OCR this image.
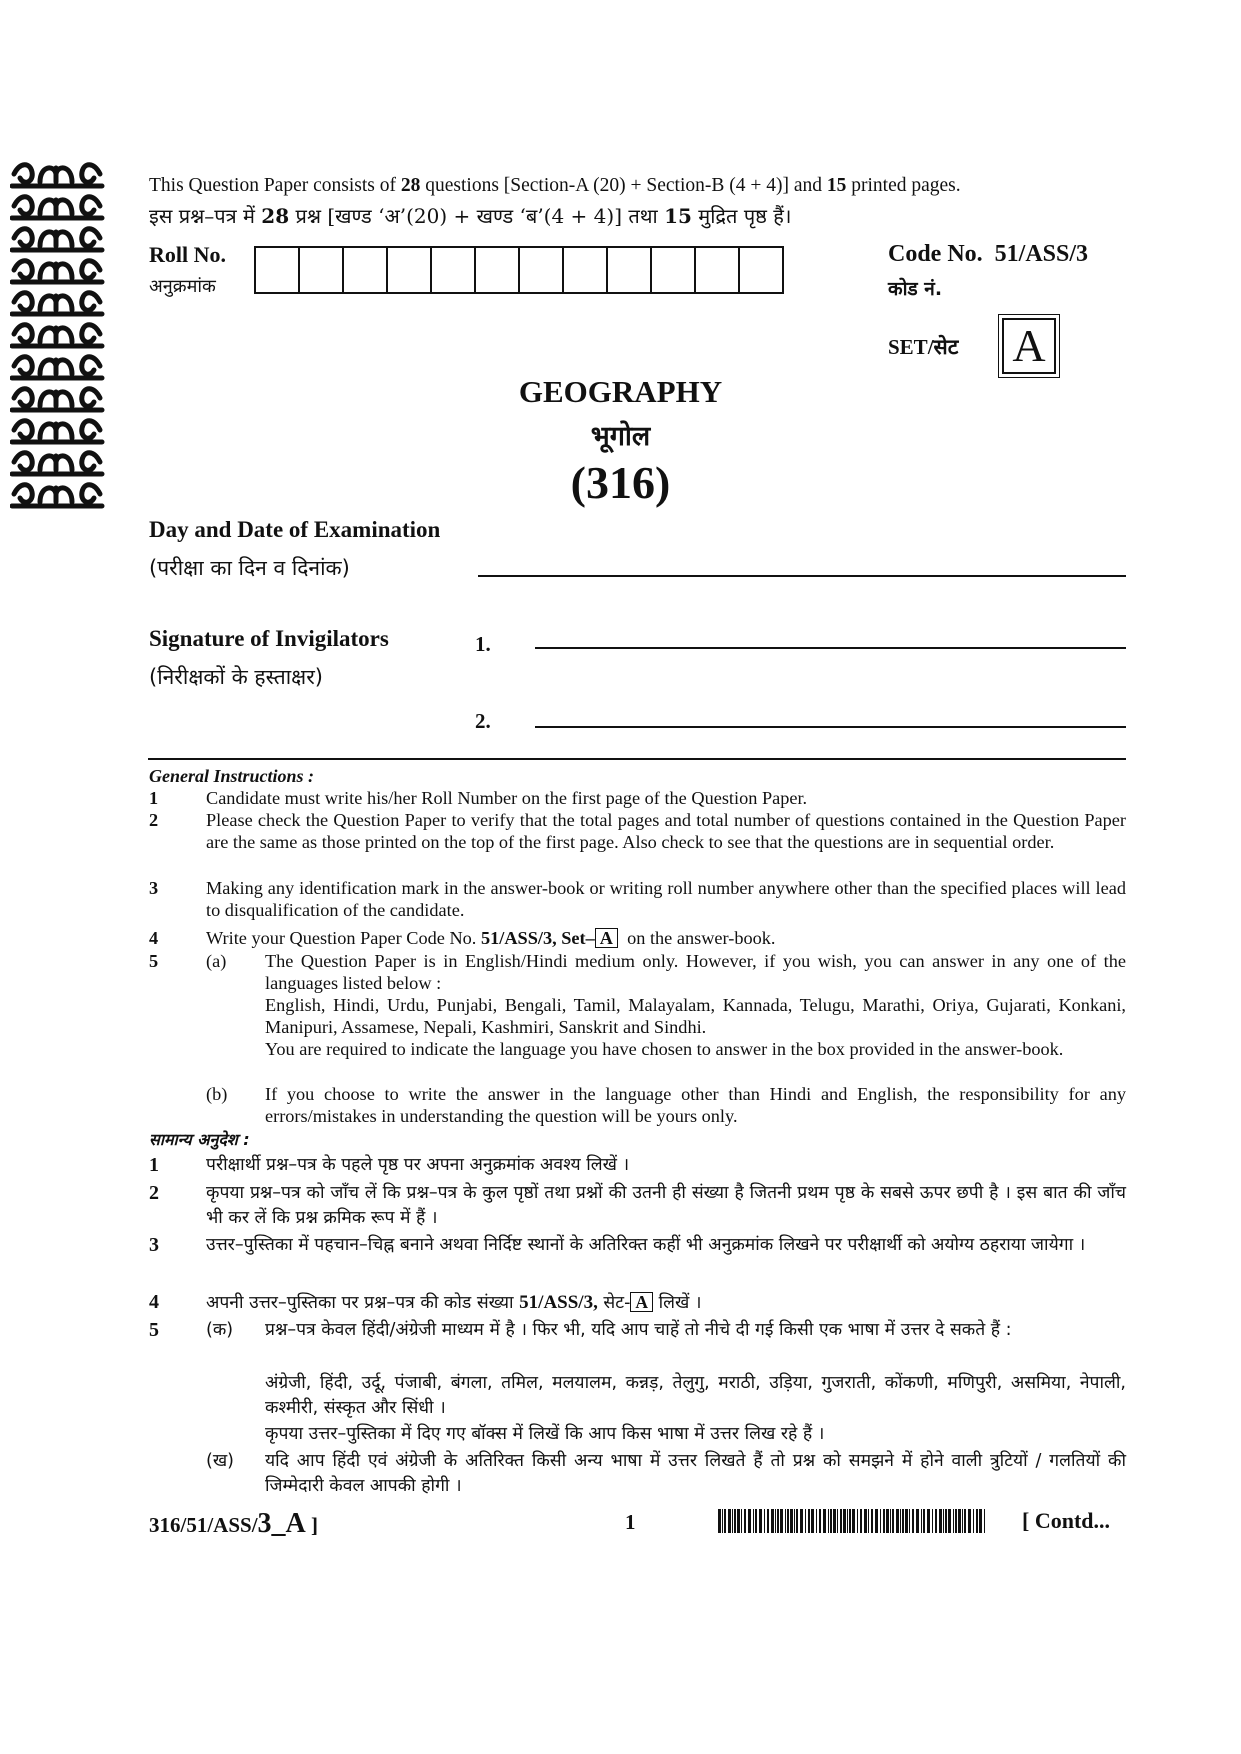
This Question Paper consists of 28 questions [Section-A (20) + Section-B (4 + 4)] and 15 printed pages.
इस प्रश्न–पत्र में 28 प्रश्न [खण्ड ‘अ’(20) + खण्ड ‘ब’(4 + 4)] तथा 15 मुद्रित पृष्ठ हैं।
Roll No.
अनुक्रमांक
Code No. 51/ASS/3
कोड नं.
SET/सेट A
GEOGRAPHY
भूगोल
(316)
Day and Date of Examination
(परीक्षा का दिन व दिनांक)
Signature of Invigilators
(निरीक्षकों के हस्ताक्षर)
1.
2.
General Instructions :
1	Candidate must write his/her Roll Number on the first page of the Question Paper.
2	Please check the Question Paper to verify that the total pages and total number of questions contained in the Question Paper are the same as those printed on the top of the first page. Also check to see that the questions are in sequential order.
3	Making any identification mark in the answer-book or writing roll number anywhere other than the specified places will lead to disqualification of the candidate.
4	Write your Question Paper Code No. 51/ASS/3, Set– A on the answer-book.
5	(a) The Question Paper is in English/Hindi medium only. However, if you wish, you can answer in any one of the languages listed below :
English, Hindi, Urdu, Punjabi, Bengali, Tamil, Malayalam, Kannada, Telugu, Marathi, Oriya, Gujarati, Konkani, Manipuri, Assamese, Nepali, Kashmiri, Sanskrit and Sindhi.
You are required to indicate the language you have chosen to answer in the box provided in the answer-book.
(b) If you choose to write the answer in the language other than Hindi and English, the responsibility for any errors/mistakes in understanding the question will be yours only.
सामान्य अनुदेश :
1	परीक्षार्थी प्रश्न–पत्र के पहले पृष्ठ पर अपना अनुक्रमांक अवश्य लिखें ।
2	कृपया प्रश्न–पत्र को जाँच लें कि प्रश्न–पत्र के कुल पृष्ठों तथा प्रश्नों की उतनी ही संख्या है जितनी प्रथम पृष्ठ के सबसे ऊपर छपी है । इस बात की जाँच भी कर लें कि प्रश्न क्रमिक रूप में हैं ।
3	उत्तर–पुस्तिका में पहचान–चिह्न बनाने अथवा निर्दिष्ट स्थानों के अतिरिक्त कहीं भी अनुक्रमांक लिखने पर परीक्षार्थी को अयोग्य ठहराया जायेगा ।
4	अपनी उत्तर–पुस्तिका पर प्रश्न–पत्र की कोड संख्या 51/ASS/3, सेट- A लिखें ।
5	(क) प्रश्न–पत्र केवल हिंदी/अंग्रेजी माध्यम में है । फिर भी, यदि आप चाहें तो नीचे दी गई किसी एक भाषा में उत्तर दे सकते हैं :
अंग्रेजी, हिंदी, उर्दू, पंजाबी, बंगला, तमिल, मलयालम, कन्नड़, तेलुगु, मराठी, उड़िया, गुजराती, कोंकणी, मणिपुरी, असमिया, नेपाली, कश्मीरी, संस्कृत और सिंधी ।
कृपया उत्तर–पुस्तिका में दिए गए बॉक्स में लिखें कि आप किस भाषा में उत्तर लिख रहे हैं ।
(ख) यदि आप हिंदी एवं अंग्रेजी के अतिरिक्त किसी अन्य भाषा में उत्तर लिखते हैं तो प्रश्न को समझने में होने वाली त्रुटियों / गलतियों की जिम्मेदारी केवल आपकी होगी ।
316/51/ASS/3_A ]	1	[ Contd...
